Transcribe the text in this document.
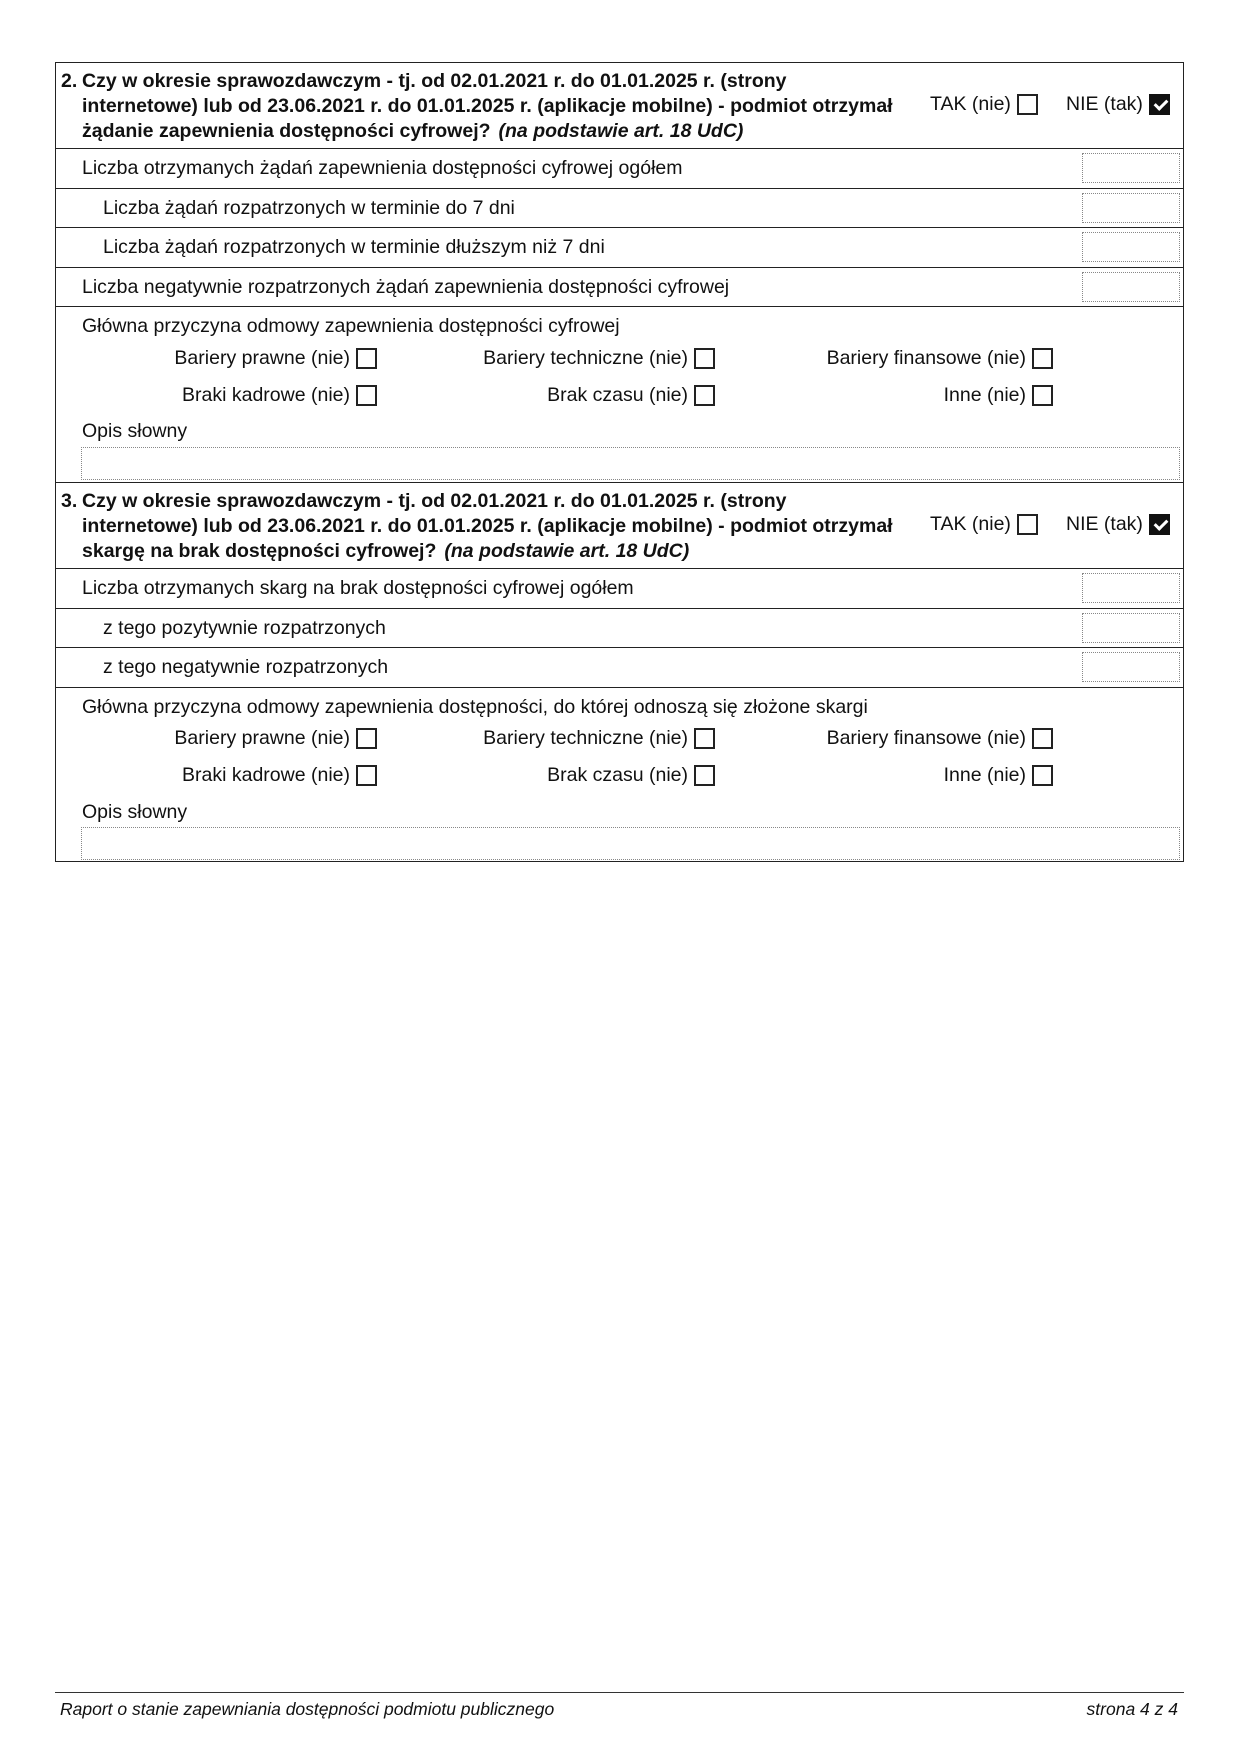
2. Czy w okresie sprawozdawczym - tj. od 02.01.2021 r. do 01.01.2025 r. (strony
internetowe) lub od 23.06.2021 r. do 01.01.2025 r. (aplikacje mobilne) - podmiot otrzymał
żądanie zapewnienia dostępności cyfrowej? (na podstawie art. 18 UdC)
TAK (nie)	NIE (tak)
Liczba otrzymanych żądań zapewnienia dostępności cyfrowej ogółem
Liczba żądań rozpatrzonych w terminie do 7 dni
Liczba żądań rozpatrzonych w terminie dłuższym niż 7 dni
Liczba negatywnie rozpatrzonych żądań zapewnienia dostępności cyfrowej
Główna przyczyna odmowy zapewnienia dostępności cyfrowej
Bariery prawne (nie)	Bariery techniczne (nie)	Bariery finansowe (nie)
Braki kadrowe (nie)	Brak czasu (nie)	Inne (nie)
Opis słowny
3. Czy w okresie sprawozdawczym - tj. od 02.01.2021 r. do 01.01.2025 r. (strony
internetowe) lub od 23.06.2021 r. do 01.01.2025 r. (aplikacje mobilne) - podmiot otrzymał
skargę na brak dostępności cyfrowej? (na podstawie art. 18 UdC)
TAK (nie)	NIE (tak)
Liczba otrzymanych skarg na brak dostępności cyfrowej ogółem
z tego pozytywnie rozpatrzonych
z tego negatywnie rozpatrzonych
Główna przyczyna odmowy zapewnienia dostępności, do której odnoszą się złożone skargi
Bariery prawne (nie)	Bariery techniczne (nie)	Bariery finansowe (nie)
Braki kadrowe (nie)	Brak czasu (nie)	Inne (nie)
Opis słowny
Raport o stanie zapewniania dostępności podmiotu publicznego	strona 4 z 4
